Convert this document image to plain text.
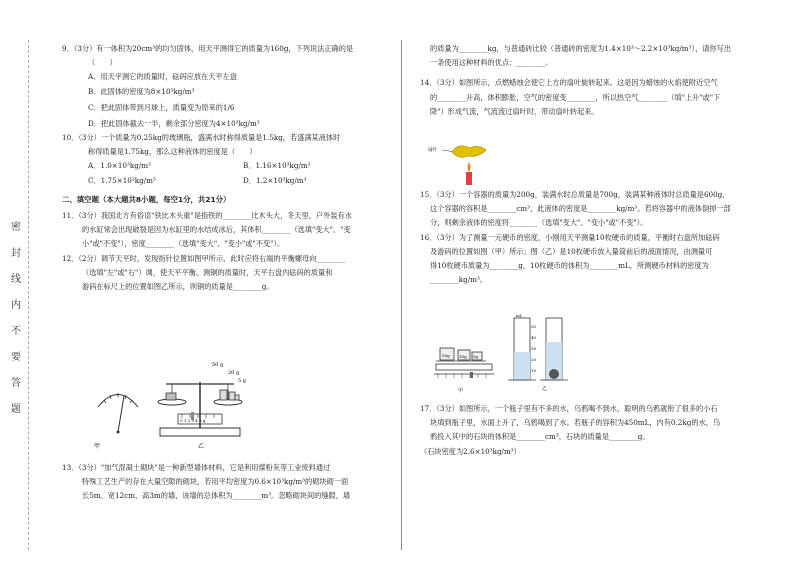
密
封
线
内
不
要
答
题

9．（3分）有一体积为20cm³的均匀固体，用天平测得它的质量为160g，下列说法正确的是

（　　）

A．用天平测它的质量时，砝码应放在天平左盘

B．此固体的密度为8×10³kg/m³

C．把此固体带到月球上，质量变为原来的1/6

D．把此固体截去一半，剩余部分密度为4×10³kg/m³

10．（3分）一个质量为0.25kg的玻璃瓶，盛满水时称得质量是1.5kg，若盛满某液体时

称得质量是1.75kg，那么这种液体的密度是（　　）

A．1.0×10³kg/m³	B．1.16×10³kg/m³
C．1.75×10³kg/m³	D．1.2×10³kg/m³

二、填空题（本大题共8小题，每空1分，共21分）

11．（3分）我国北方有俗语"铁比木头重"是指铁的________比木头大，冬天里，户外装有水

的水缸常会出现破裂是因为水缸里的水结成冰后，其体积________（选填"变大"、"变

小"或"不变"），密度________（选填"变大"、"变小"或"不变"）。

12．（2分）调节天平时，发现指针位置如图甲所示，此时应将右端的平衡螺母向________

（选填"左"或"右"）调，使天平平衡。测铜的质量时，天平右盘内砝码的质量和

游码在标尺上的位置如图乙所示，则铜的质量是________g。

甲
50 g
20 g
5 g
0 1 2 3 4 5 g
乙

13．（3分）"加气混凝土砌块"是一种新型墙体材料，它是利用煤粉灰等工业废料通过

特殊工艺生产的存在大量空隙的砌块，若用平均密度为0.6×10³kg/m³的砌块砌一面

长5m、宽12cm、高3m的墙，该墙的总体积为________m³。忽略砌块间的缝隙，墙

的质量为________kg，与普通砖比较（普通砖的密度为1.4×10³～2.2×10³kg/m³），请你写出

一条使用这种材料的优点：________。

14．（3分）如图所示，点燃蜡烛会使它上方的扇叶旋转起来。这是因为蜡烛的火焰使附近空气

的________升高，体积膨胀，空气的密度变________，所以热空气________（填"上升"或"下

降"）形成气流，气流流过扇叶时，带动扇叶转起来。

扇叶

15．（3分）一个容器的质量为200g，装满水时总质量是700g，装满某种液体时总质量是600g，

这个容器的容积是________cm³，此液体的密度是________kg/m³。若将容器中的液体倒掉一部

分，则剩余液体的密度将________（选填"变大"、"变小"或"不变"）。

16．（3分）为了测量一元硬币的密度，小刚用天平测量10枚硬币的质量，平衡时右盘所加砝码

及游码的位置如图（甲）所示；图（乙）是10枚硬币放入量筒前后的液面情况，由测量可

得10枚硬币质量为________g，10枚硬币的体积为________mL，所测硬币材料的密度为

________kg/m³。

50g 10g 5g
甲
mL
50
40
30
20
10
乙

17．（3分）如图所示，一个瓶子里有不多的水，乌鸦喝不到水，聪明的乌鸦就衔了很多的小石

块填到瓶子里，水面上升了，乌鸦喝到了水。若瓶子的容积为450mL，内有0.2kg的水，乌

鸦投入其中的石块的体积是________cm³，石块的质量是________g。

（石块密度为2.6×10³kg/m³）
